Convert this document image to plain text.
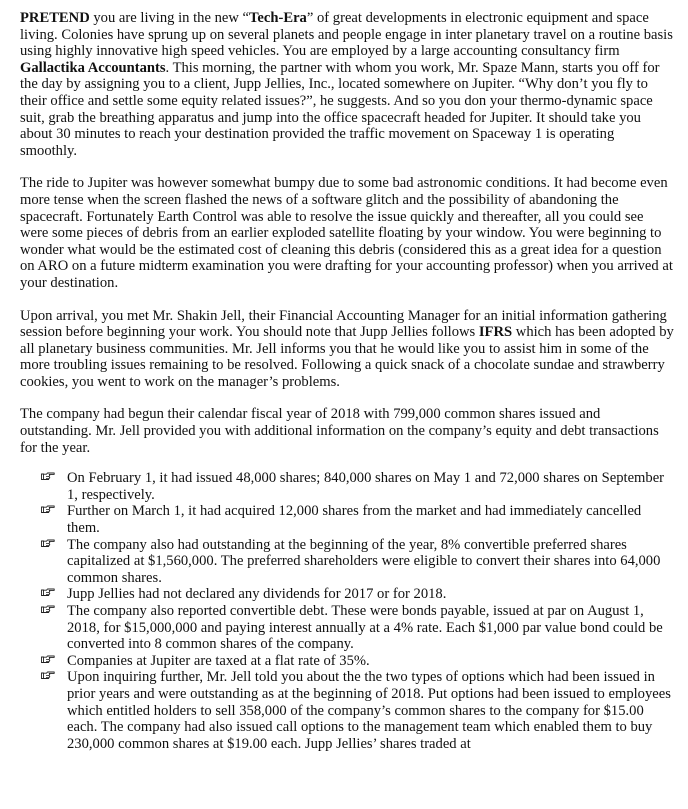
PRETEND you are living in the new “Tech-Era” of great developments in electronic equipment and space living. Colonies have sprung up on several planets and people engage in inter planetary travel on a routine basis using highly innovative high speed vehicles. You are employed by a large accounting consultancy firm Gallactika Accountants. This morning, the partner with whom you work, Mr. Spaze Mann, starts you off for the day by assigning you to a client, Jupp Jellies, Inc., located somewhere on Jupiter. “Why don’t you fly to their office and settle some equity related issues?”, he suggests. And so you don your thermo-dynamic space suit, grab the breathing apparatus and jump into the office spacecraft headed for Jupiter. It should take you about 30 minutes to reach your destination provided the traffic movement on Spaceway 1 is operating smoothly.

The ride to Jupiter was however somewhat bumpy due to some bad astronomic conditions. It had become even more tense when the screen flashed the news of a software glitch and the possibility of abandoning the spacecraft. Fortunately Earth Control was able to resolve the issue quickly and thereafter, all you could see were some pieces of debris from an earlier exploded satellite floating by your window. You were beginning to wonder what would be the estimated cost of cleaning this debris (considered this as a great idea for a question on ARO on a future midterm examination you were drafting for your accounting professor) when you arrived at your destination.

Upon arrival, you met Mr. Shakin Jell, their Financial Accounting Manager for an initial information gathering session before beginning your work. You should note that Jupp Jellies follows IFRS which has been adopted by all planetary business communities. Mr. Jell informs you that he would like you to assist him in some of the more troubling issues remaining to be resolved. Following a quick snack of a chocolate sundae and strawberry cookies, you went to work on the manager’s problems.

The company had begun their calendar fiscal year of 2018 with 799,000 common shares issued and outstanding. Mr. Jell provided you with additional information on the company’s equity and debt transactions for the year.

On February 1, it had issued 48,000 shares; 840,000 shares on May 1 and 72,000 shares on September 1, respectively.
Further on March 1, it had acquired 12,000 shares from the market and had immediately cancelled them.
The company also had outstanding at the beginning of the year, 8% convertible preferred shares capitalized at $1,560,000. The preferred shareholders were eligible to convert their shares into 64,000 common shares.
Jupp Jellies had not declared any dividends for 2017 or for 2018.
The company also reported convertible debt. These were bonds payable, issued at par on August 1, 2018, for $15,000,000 and paying interest annually at a 4% rate. Each $1,000 par value bond could be converted into 8 common shares of the company.
Companies at Jupiter are taxed at a flat rate of 35%.
Upon inquiring further, Mr. Jell told you about the the two types of options which had been issued in prior years and were outstanding as at the beginning of 2018. Put options had been issued to employees which entitled holders to sell 358,000 of the company’s common shares to the company for $15.00 each. The company had also issued call options to the management team which enabled them to buy 230,000 common shares at $19.00 each. Jupp Jellies’ shares traded at
